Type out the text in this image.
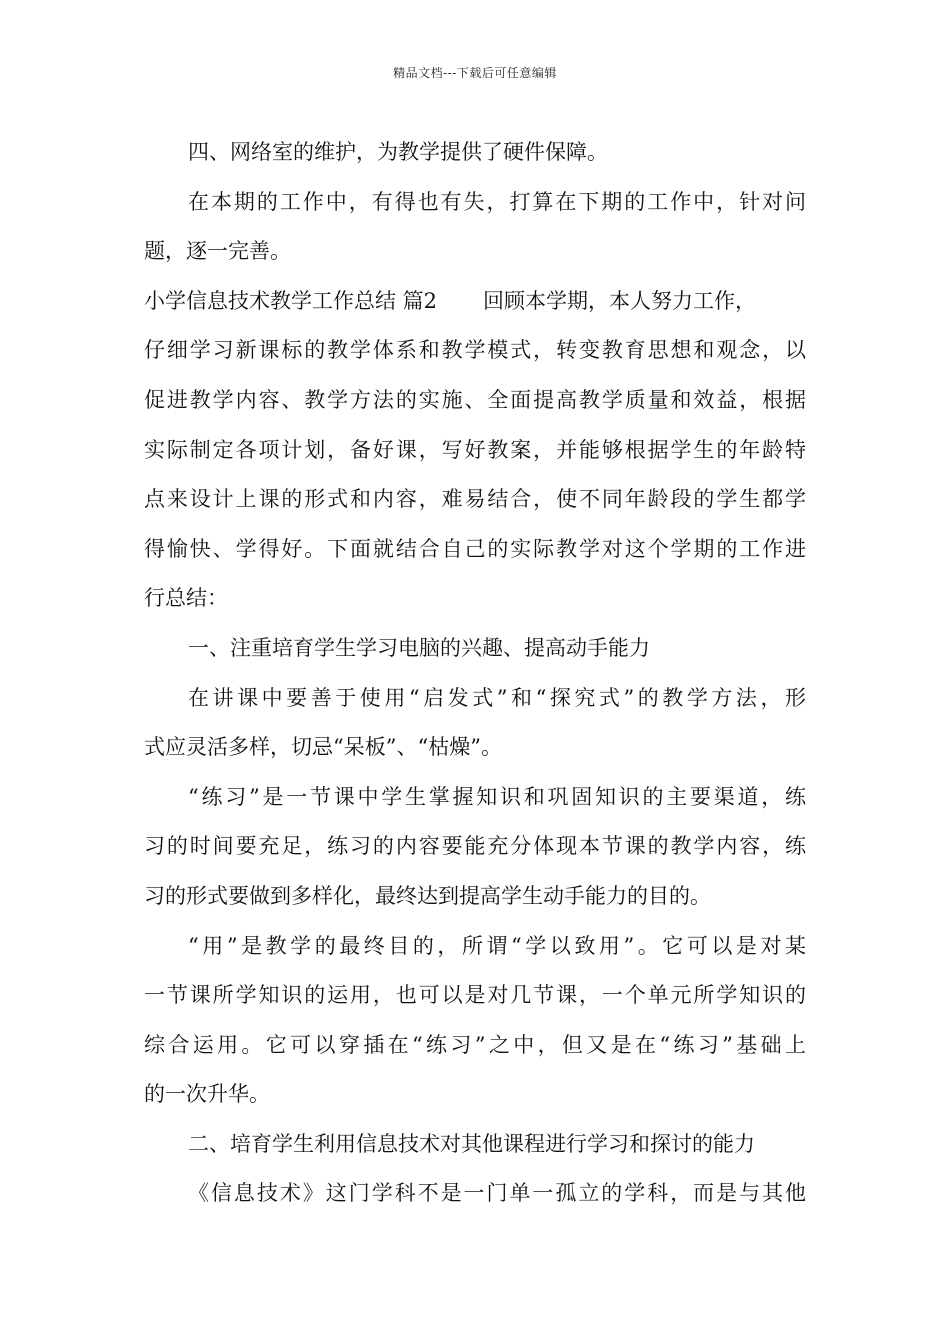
精品文档---下载后可任意编辑
四、网络室的维护，为教学提供了硬件保障。
在本期的工作中，有得也有失，打算在下期的工作中，针对问
题，逐一完善。
小学信息技术教学工作总结 篇2 回顾本学期，本人努力工作，
仔细学习新课标的教学体系和教学模式，转变教育思想和观念，以
促进教学内容、教学方法的实施、全面提高教学质量和效益，根据
实际制定各项计划，备好课，写好教案，并能够根据学生的年龄特
点来设计上课的形式和内容，难易结合，使不同年龄段的学生都学
得愉快、学得好。下面就结合自己的实际教学对这个学期的工作进
行总结：
一、注重培育学生学习电脑的兴趣、提高动手能力
在讲课中要善于使用“启发式”和“探究式”的教学方法，形
式应灵活多样，切忌“呆板”、“枯燥”。
“练习”是一节课中学生掌握知识和巩固知识的主要渠道，练
习的时间要充足，练习的内容要能充分体现本节课的教学内容，练
习的形式要做到多样化，最终达到提高学生动手能力的目的。
“用”是教学的最终目的，所谓“学以致用”。它可以是对某
一节课所学知识的运用，也可以是对几节课，一个单元所学知识的
综合运用。它可以穿插在“练习”之中，但又是在“练习”基础上
的一次升华。
二、培育学生利用信息技术对其他课程进行学习和探讨的能力
《信息技术》这门学科不是一门单一孤立的学科，而是与其他
